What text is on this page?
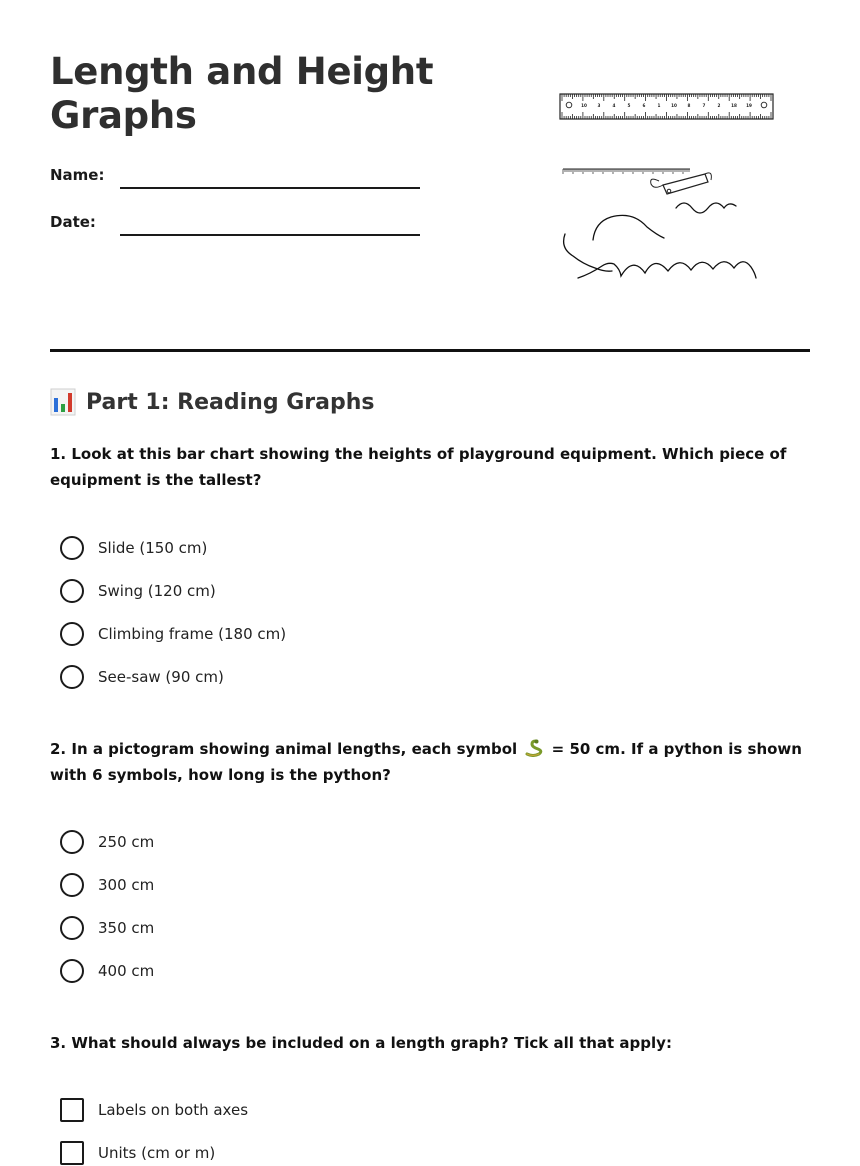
Length and Height Graphs
Name:
Date:
10	3	4	5	6	1	10	8	7	2	18 19
Part 1: Reading Graphs

1. Look at this bar chart showing the heights of playground equipment. Which piece of equipment is the tallest?

Slide (150 cm)
Swing (120 cm)
Climbing frame (180 cm)
See-saw (90 cm)

2. In a pictogram showing animal lengths, each symbol = 50 cm. If a python is shown with 6 symbols, how long is the python?

250 cm
300 cm
350 cm
400 cm

3. What should always be included on a length graph? Tick all that apply:

Labels on both axes
Units (cm or m)
